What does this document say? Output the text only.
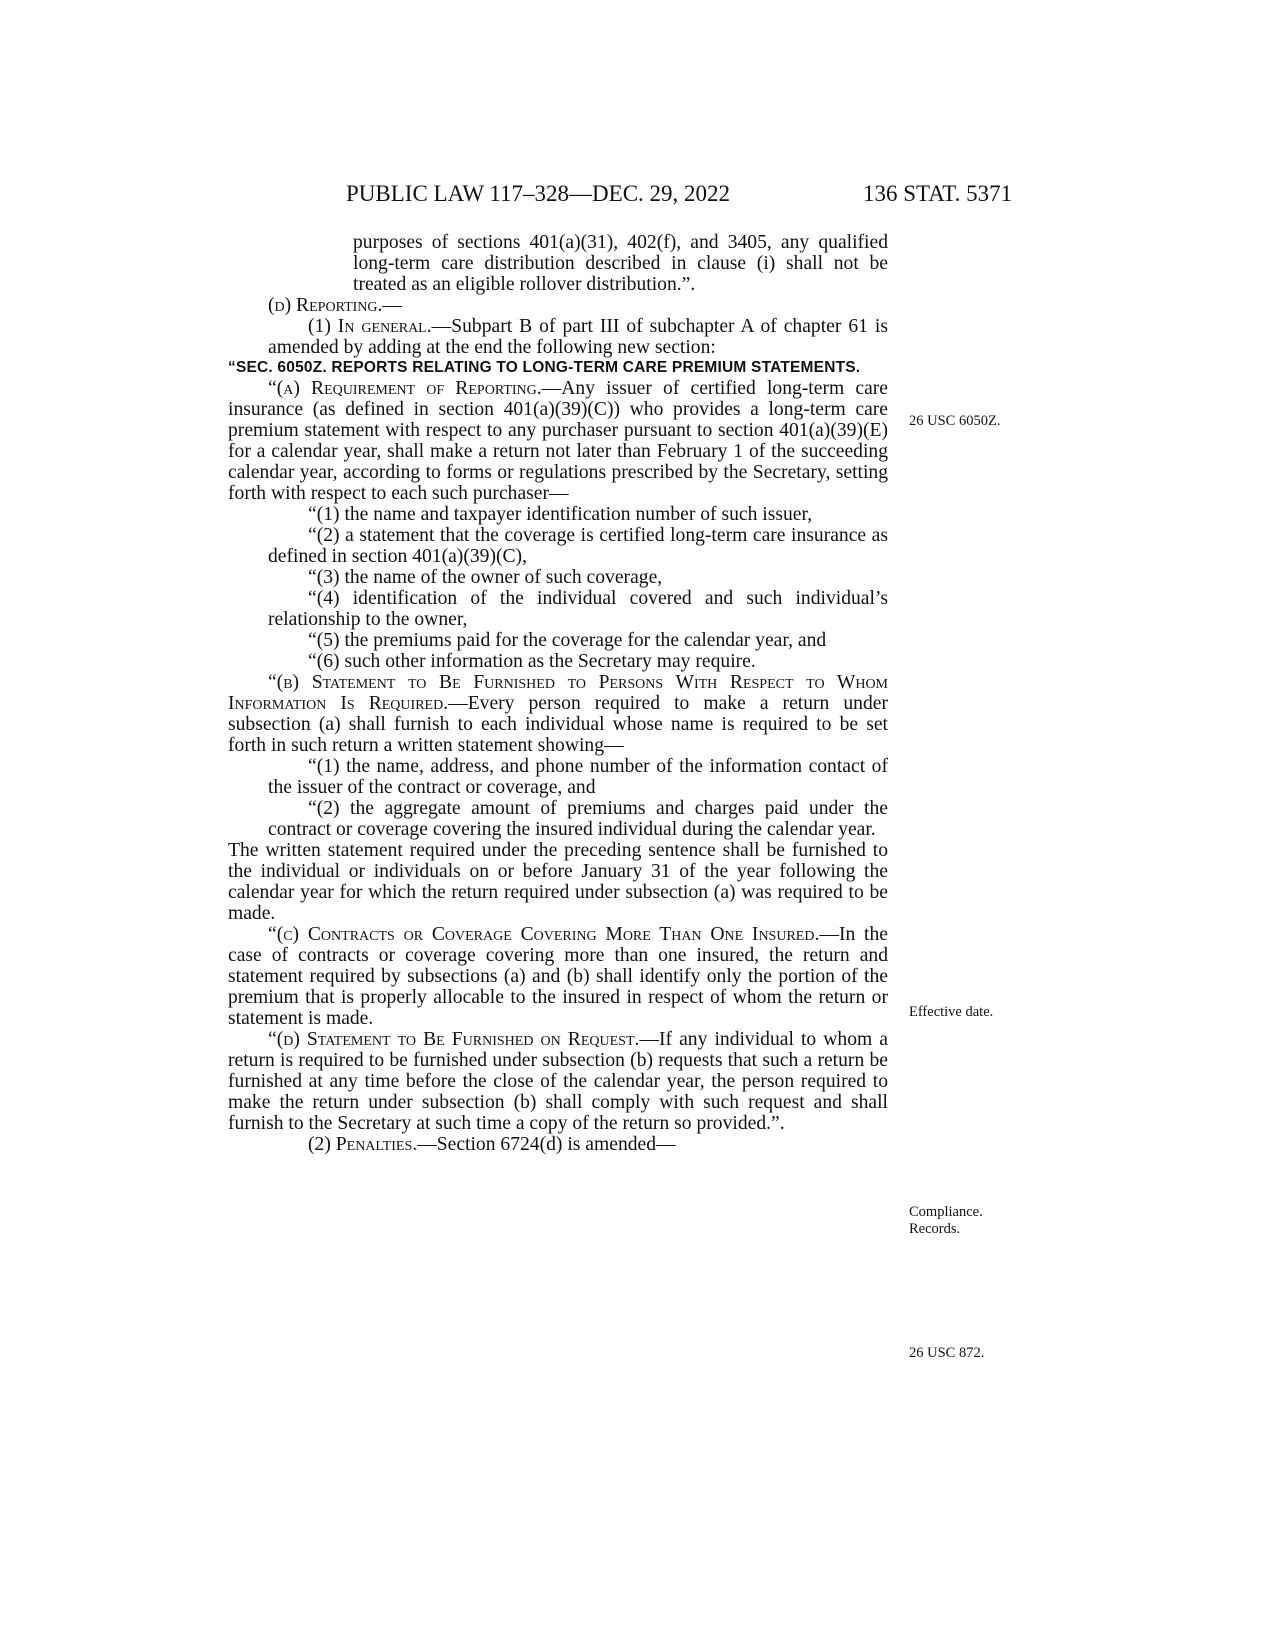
PUBLIC LAW 117–328—DEC. 29, 2022	136 STAT. 5371
26 USC 6050Z.
Effective date.
Compliance.
Records.
26 USC 872.

purposes of sections 401(a)(31), 402(f), and 3405, any qualified long-term care distribution described in clause (i) shall not be treated as an eligible rollover distribution.”.

(d) Reporting.—

(1) In general.—Subpart B of part III of subchapter A of chapter 61 is amended by adding at the end the following new section:

“SEC. 6050Z. REPORTS RELATING TO LONG-TERM CARE PREMIUM STATEMENTS.

“(a) Requirement of Reporting.—Any issuer of certified long-term care insurance (as defined in section 401(a)(39)(C)) who provides a long-term care premium statement with respect to any purchaser pursuant to section 401(a)(39)(E) for a calendar year, shall make a return not later than February 1 of the succeeding calendar year, according to forms or regulations prescribed by the Secretary, setting forth with respect to each such purchaser—

“(1) the name and taxpayer identification number of such issuer,

“(2) a statement that the coverage is certified long-term care insurance as defined in section 401(a)(39)(C),

“(3) the name of the owner of such coverage,

“(4) identification of the individual covered and such individual’s relationship to the owner,

“(5) the premiums paid for the coverage for the calendar year, and

“(6) such other information as the Secretary may require.

“(b) Statement to Be Furnished to Persons With Respect to Whom Information Is Required.—Every person required to make a return under subsection (a) shall furnish to each individual whose name is required to be set forth in such return a written statement showing—

“(1) the name, address, and phone number of the information contact of the issuer of the contract or coverage, and

“(2) the aggregate amount of premiums and charges paid under the contract or coverage covering the insured individual during the calendar year.

The written statement required under the preceding sentence shall be furnished to the individual or individuals on or before January 31 of the year following the calendar year for which the return required under subsection (a) was required to be made.

“(c) Contracts or Coverage Covering More Than One Insured.—In the case of contracts or coverage covering more than one insured, the return and statement required by subsections (a) and (b) shall identify only the portion of the premium that is properly allocable to the insured in respect of whom the return or statement is made.

“(d) Statement to Be Furnished on Request.—If any individual to whom a return is required to be furnished under subsection (b) requests that such a return be furnished at any time before the close of the calendar year, the person required to make the return under subsection (b) shall comply with such request and shall furnish to the Secretary at such time a copy of the return so provided.”.

(2) Penalties.—Section 6724(d) is amended—
